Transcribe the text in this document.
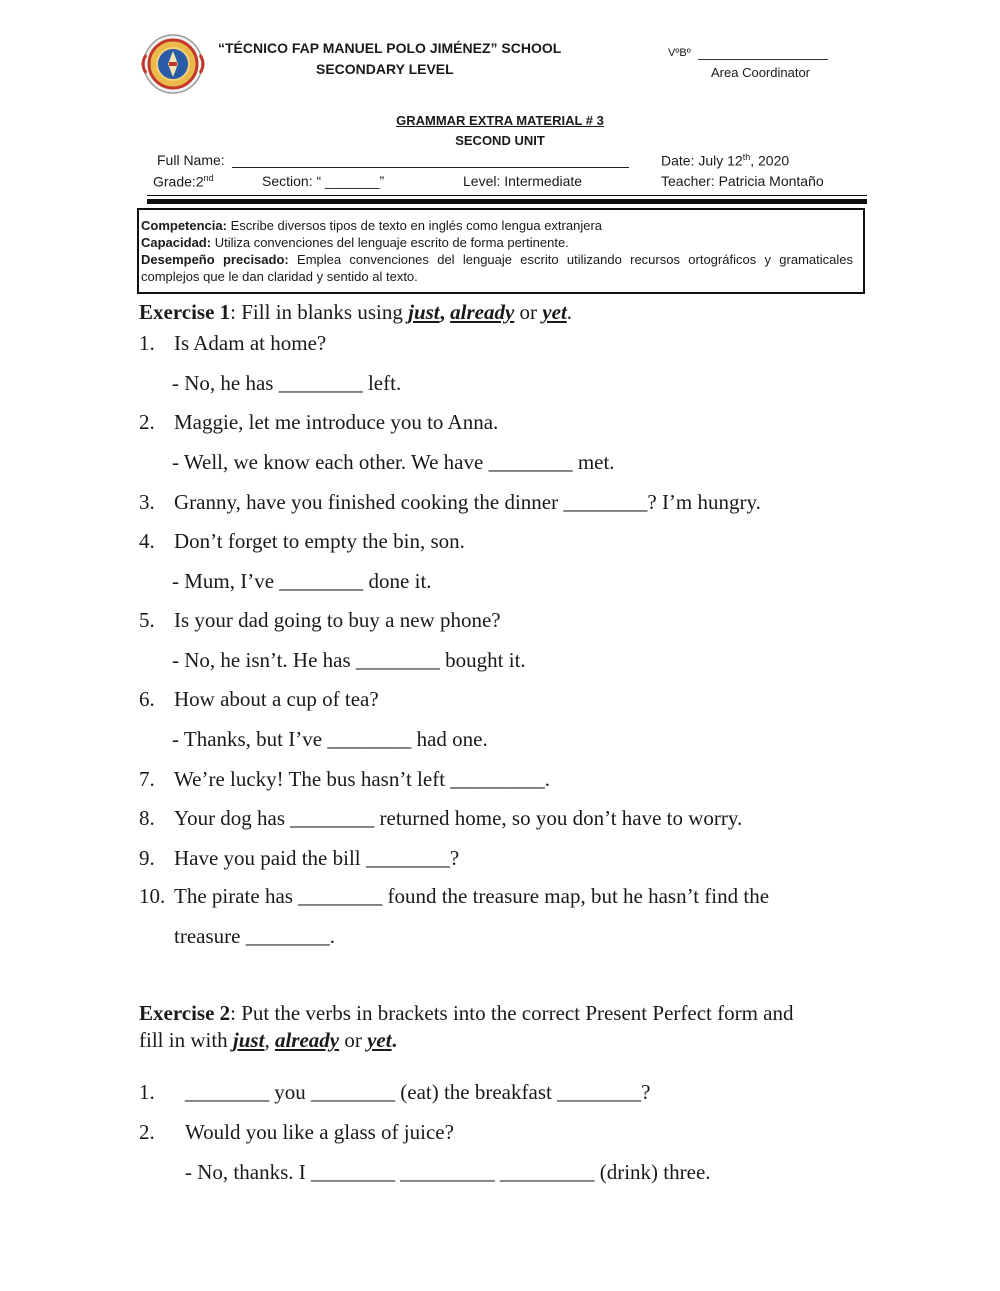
“TÉCNICO FAP MANUEL POLO JIMÉNEZ” SCHOOL
SECONDARY LEVEL
VºBº
Area Coordinator
GRAMMAR EXTRA MATERIAL # 3
SECOND UNIT
Full Name:	Date: July 12th, 2020
Grade:2nd	Section: “ _______”	Level: Intermediate	Teacher: Patricia Montaño

Competencia: Escribe diversos tipos de texto en inglés como lengua extranjera

Capacidad: Utiliza convenciones del lenguaje escrito de forma pertinente.

Desempeño precisado: Emplea convenciones del lenguaje escrito utilizando recursos ortográficos y gramaticales complejos que le dan claridad y sentido al texto.

Exercise 1: Fill in blanks using just, already or yet.
1. Is Adam at home?
- No, he has ________ left.
2. Maggie, let me introduce you to Anna.
- Well, we know each other. We have ________ met.
3. Granny, have you finished cooking the dinner ________? I’m hungry.
4. Don’t forget to empty the bin, son.
- Mum, I’ve ________ done it.
5. Is your dad going to buy a new phone?
- No, he isn’t. He has ________ bought it.
6. How about a cup of tea?
- Thanks, but I’ve ________ had one.
7. We’re lucky! The bus hasn’t left _________.
8. Your dog has ________ returned home, so you don’t have to worry.
9. Have you paid the bill ________?
10. The pirate has ________ found the treasure map, but he hasn’t find the
treasure ________.
Exercise 2: Put the verbs in brackets into the correct Present Perfect form and
fill in with just, already or yet.
1. ________ you ________ (eat) the breakfast ________?
2. Would you like a glass of juice?
- No, thanks. I ________ _________ _________ (drink) three.
